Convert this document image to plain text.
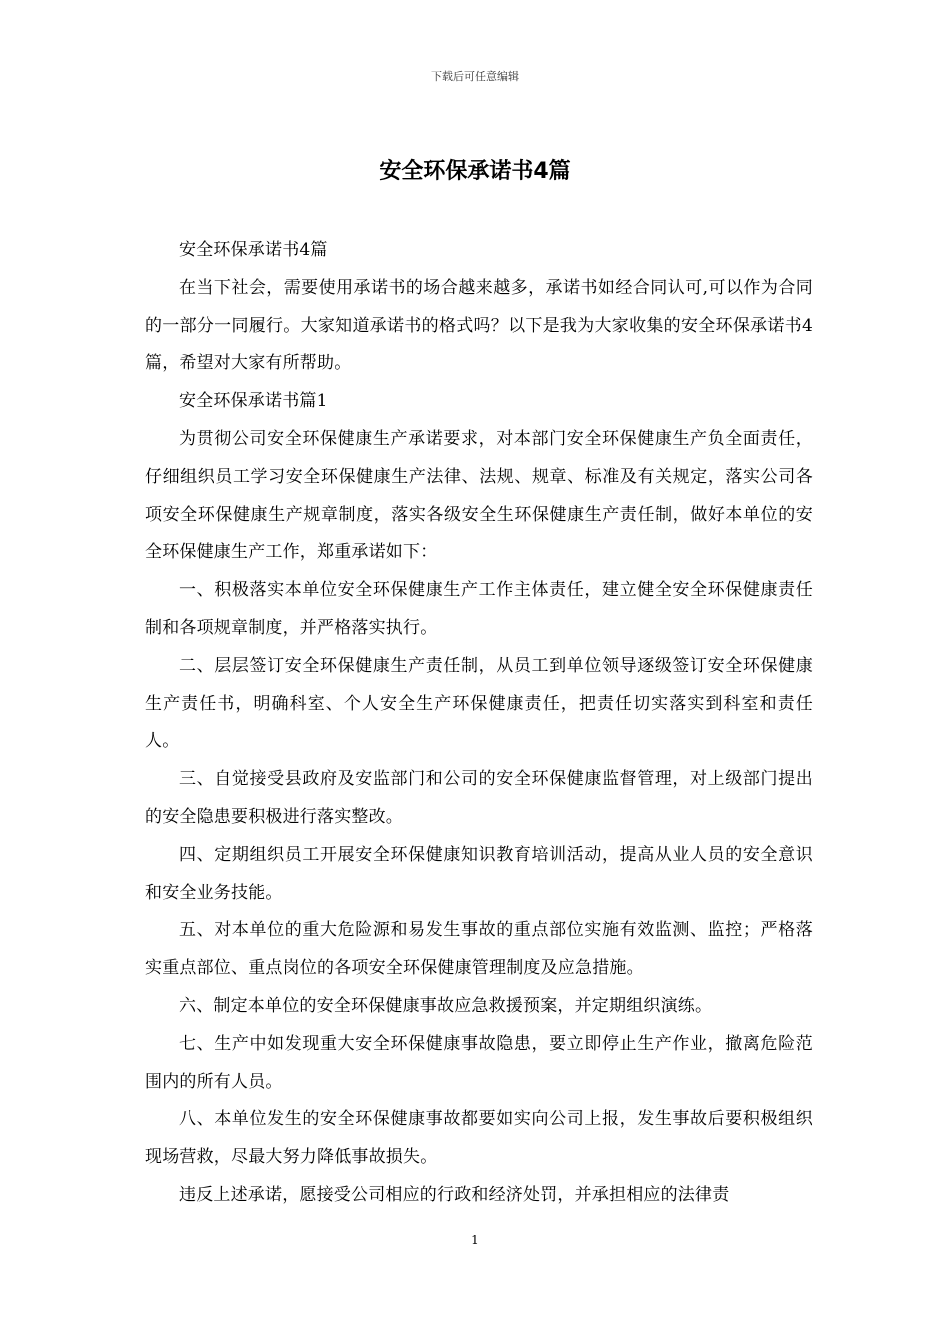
下载后可任意编辑
安全环保承诺书4篇

安全环保承诺书4篇

在当下社会，需要使用承诺书的场合越来越多，承诺书如经合同认可,可以作为合同的一部分一同履行。大家知道承诺书的格式吗？以下是我为大家收集的安全环保承诺书4篇，希望对大家有所帮助。

安全环保承诺书篇1

为贯彻公司安全环保健康生产承诺要求，对本部门安全环保健康生产负全面责任，仔细组织员工学习安全环保健康生产法律、法规、规章、标准及有关规定，落实公司各项安全环保健康生产规章制度，落实各级安全生环保健康生产责任制，做好本单位的安全环保健康生产工作，郑重承诺如下：

一、积极落实本单位安全环保健康生产工作主体责任，建立健全安全环保健康责任制和各项规章制度，并严格落实执行。

二、层层签订安全环保健康生产责任制，从员工到单位领导逐级签订安全环保健康生产责任书，明确科室、个人安全生产环保健康责任，把责任切实落实到科室和责任人。

三、自觉接受县政府及安监部门和公司的安全环保健康监督管理，对上级部门提出的安全隐患要积极进行落实整改。

四、定期组织员工开展安全环保健康知识教育培训活动，提高从业人员的安全意识和安全业务技能。

五、对本单位的重大危险源和易发生事故的重点部位实施有效监测、监控；严格落实重点部位、重点岗位的各项安全环保健康管理制度及应急措施。

六、制定本单位的安全环保健康事故应急救援预案，并定期组织演练。

七、生产中如发现重大安全环保健康事故隐患，要立即停止生产作业，撤离危险范围内的所有人员。

八、本单位发生的安全环保健康事故都要如实向公司上报，发生事故后要积极组织现场营救，尽最大努力降低事故损失。

违反上述承诺，愿接受公司相应的行政和经济处罚，并承担相应的法律责

1
